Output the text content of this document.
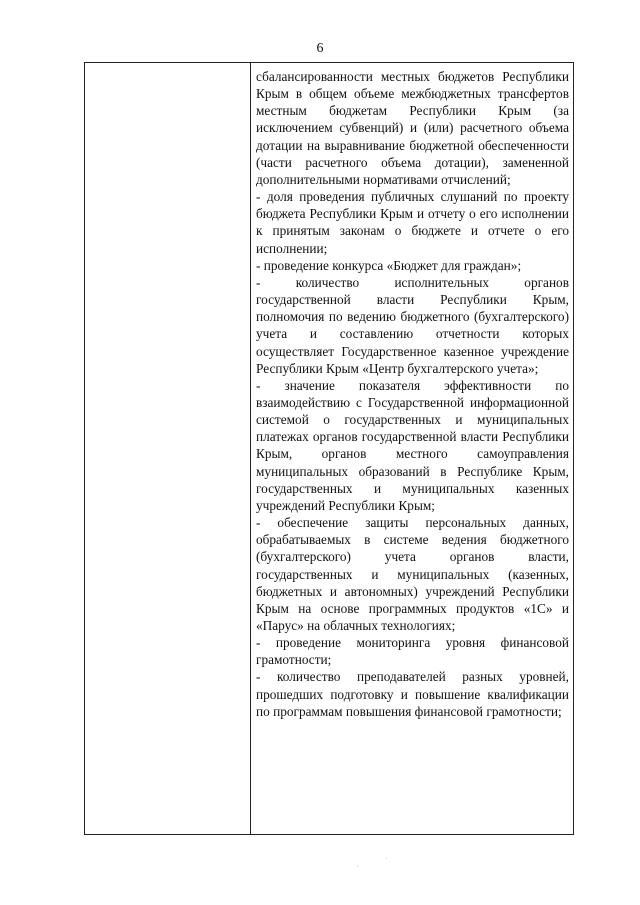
6

сбалансированности местных бюджетов Республики Крым в общем объеме межбюджетных трансфертов местным бюджетам Республики Крым (за исключением субвенций) и (или) расчетного объема дотации на выравнивание бюджетной обеспеченности (части расчетного объема дотации), замененной дополнительными нормативами отчислений;

- доля проведения публичных слушаний по проекту бюджета Республики Крым и отчету о его исполнении к принятым законам о бюджете и отчете о его исполнении;

- проведение конкурса «Бюджет для граждан»;

- количество исполнительных органов государственной власти Республики Крым, полномочия по ведению бюджетного (бухгалтерского) учета и составлению отчетности которых осуществляет Государственное казенное учреждение Республики Крым «Центр бухгалтерского учета»;

- значение показателя эффективности по взаимодействию с Государственной информационной системой о государственных и муниципальных платежах органов государственной власти Республики Крым, органов местного самоуправления муниципальных образований в Республике Крым, государственных и муниципальных казенных учреждений Республики Крым;

- обеспечение защиты персональных данных, обрабатываемых в системе ведения бюджетного (бухгалтерского) учета органов власти, государственных и муниципальных (казенных, бюджетных и автономных) учреждений Республики Крым на основе программных продуктов «1С» и «Парус» на облачных технологиях;

- проведение мониторинга уровня финансовой грамотности;

- количество преподавателей разных уровней, прошедших подготовку и повышение квалификации по программам повышения финансовой грамотности;

·
˙
